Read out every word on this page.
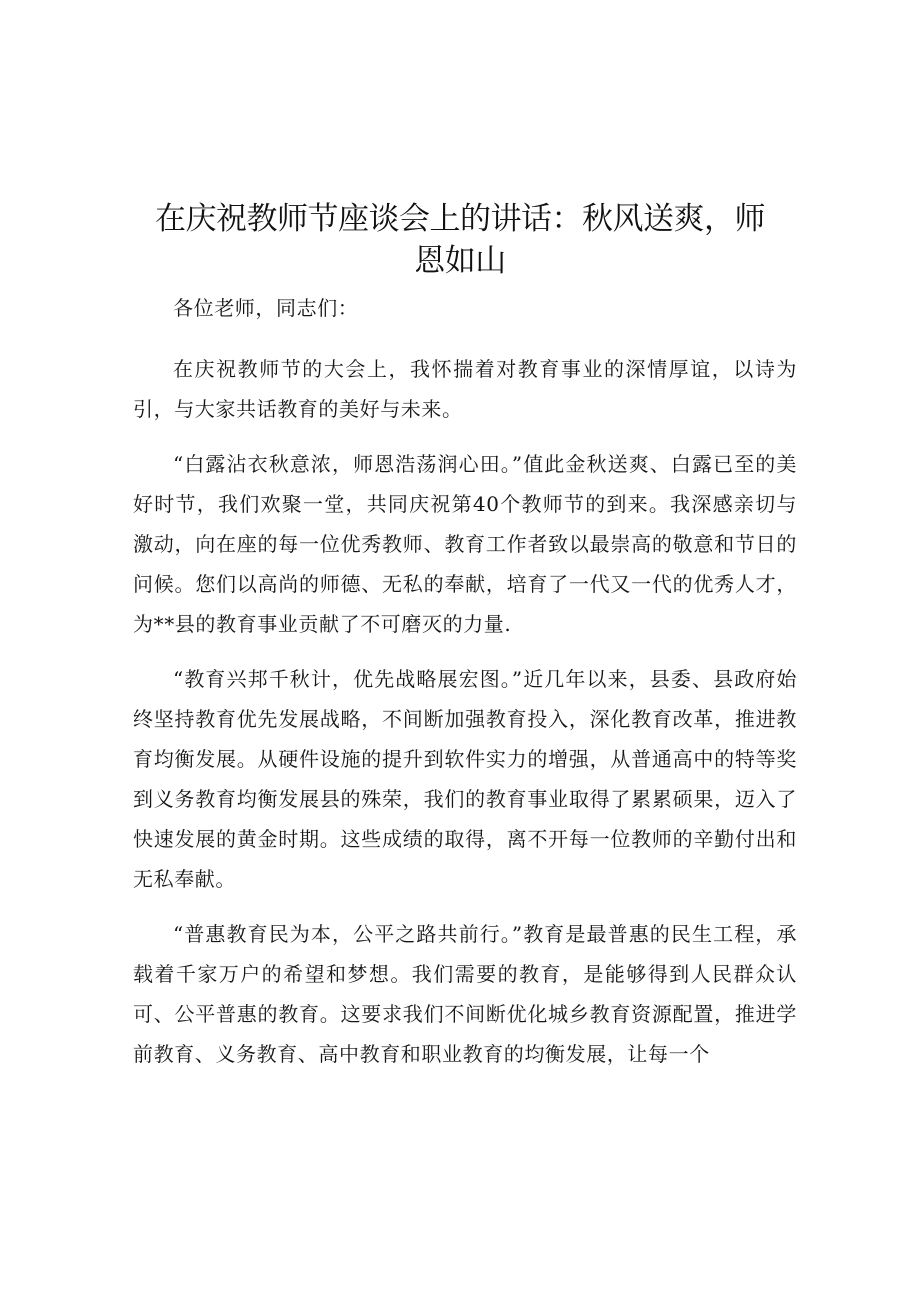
在庆祝教师节座谈会上的讲话：秋风送爽，师
恩如山

各位老师，同志们：

在庆祝教师节的大会上，我怀揣着对教育事业的深情厚谊，以诗为引，与大家共话教育的美好与未来。

“白露沾衣秋意浓，师恩浩荡润心田。”值此金秋送爽、白露已至的美好时节，我们欢聚一堂，共同庆祝第40个教师节的到来。我深感亲切与激动，向在座的每一位优秀教师、教育工作者致以最崇高的敬意和节日的问候。您们以高尚的师德、无私的奉献，培育了一代又一代的优秀人才，为**县的教育事业贡献了不可磨灭的力量.

“教育兴邦千秋计，优先战略展宏图。”近几年以来，县委、县政府始终坚持教育优先发展战略，不间断加强教育投入，深化教育改革，推进教育均衡发展。从硬件设施的提升到软件实力的增强，从普通高中的特等奖到义务教育均衡发展县的殊荣，我们的教育事业取得了累累硕果，迈入了快速发展的黄金时期。这些成绩的取得，离不开每一位教师的辛勤付出和无私奉献。

“普惠教育民为本，公平之路共前行。”教育是最普惠的民生工程，承载着千家万户的希望和梦想。我们需要的教育，是能够得到人民群众认可、公平普惠的教育。这要求我们不间断优化城乡教育资源配置，推进学前教育、义务教育、高中教育和职业教育的均衡发展，让每一个
